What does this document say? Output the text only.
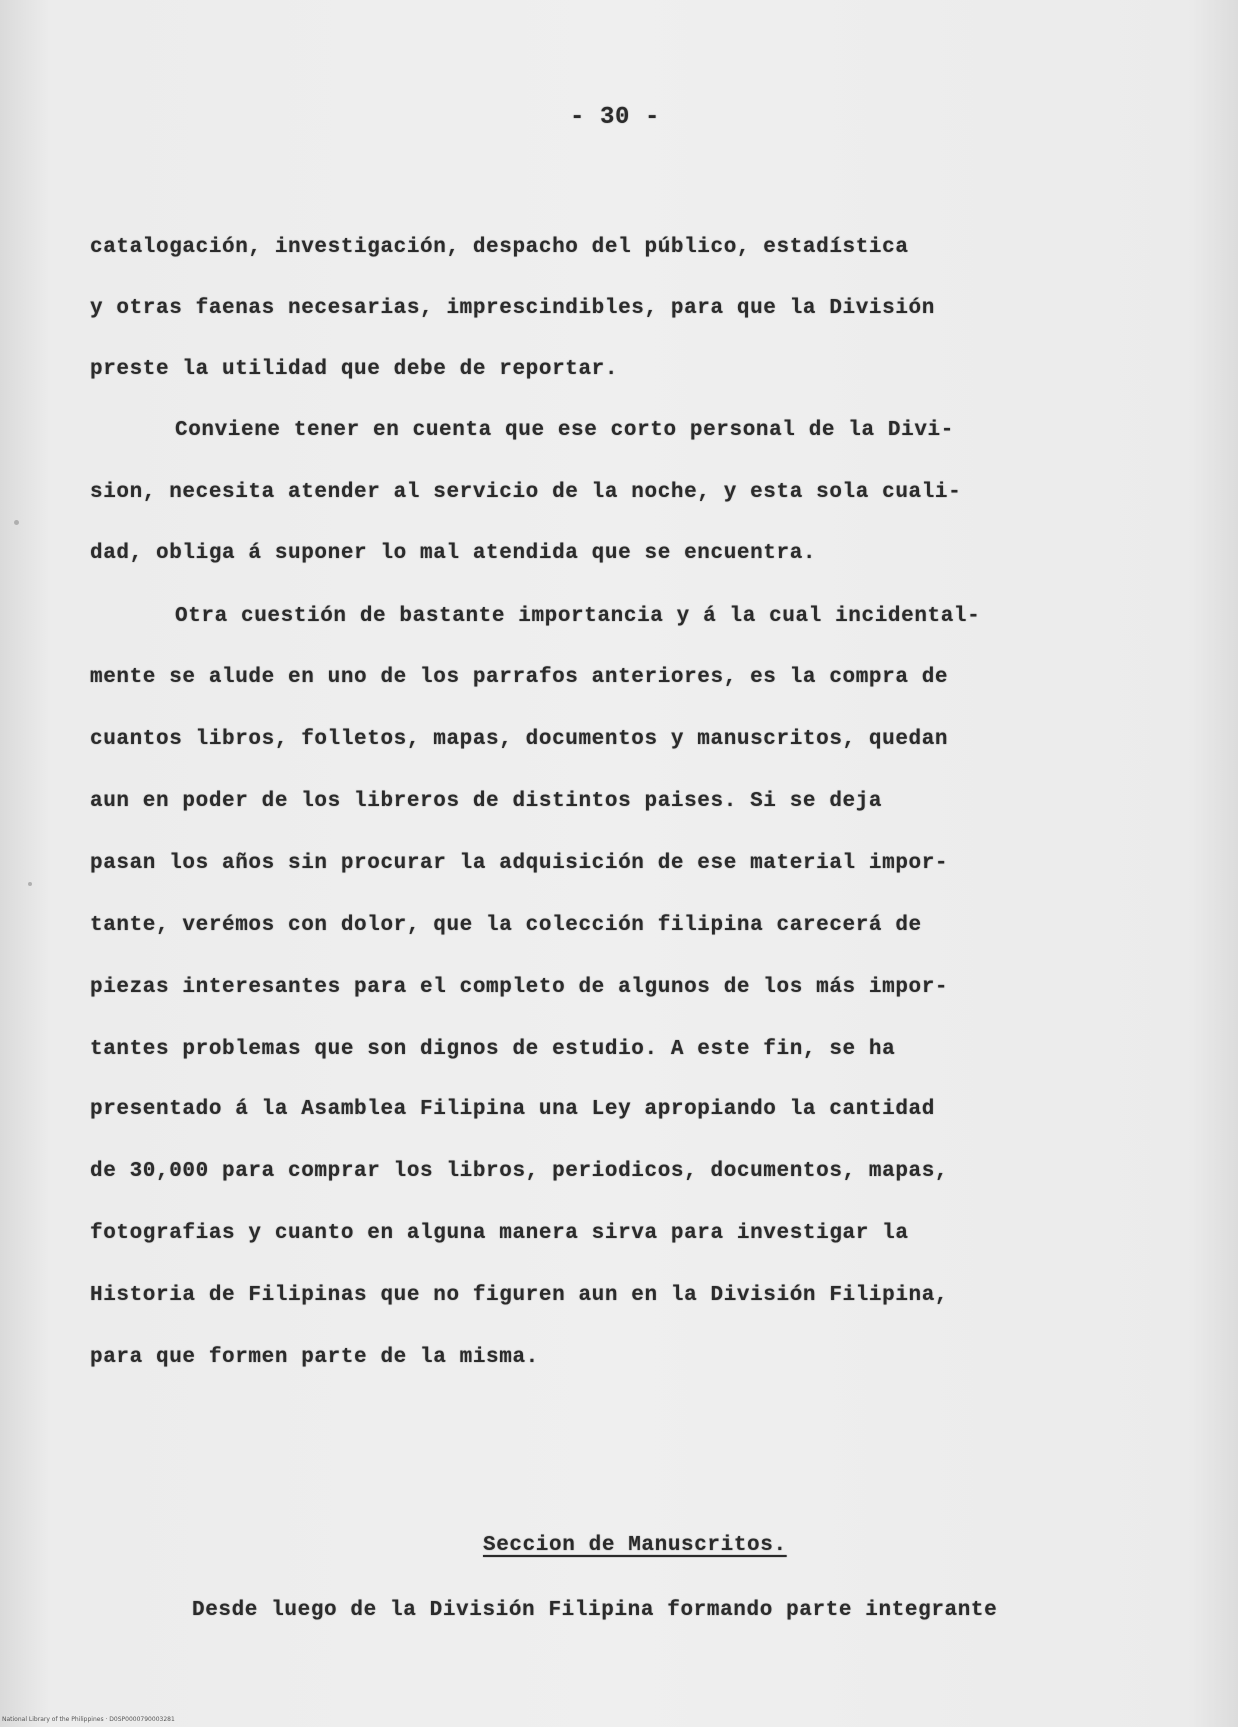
- 30 -
catalogación, investigación, despacho del público, estadística
y otras faenas necesarias, imprescindibles, para que la División
preste la utilidad que debe de reportar.
Conviene tener en cuenta que ese corto personal de la Divi-
sion, necesita atender al servicio de la noche, y esta sola cuali-
dad, obliga á suponer lo mal atendida que se encuentra.
Otra cuestión de bastante importancia y á la cual incidental-
mente se alude en uno de los parrafos anteriores, es la compra de
cuantos libros, folletos, mapas, documentos y manuscritos, quedan
aun en poder de los libreros de distintos paises. Si se deja
pasan los años sin procurar la adquisición de ese material impor-
tante, verémos con dolor, que la colección filipina carecerá de
piezas interesantes para el completo de algunos de los más impor-
tantes problemas que son dignos de estudio. A este fin, se ha
presentado á la Asamblea Filipina una Ley apropiando la cantidad
de 30,000 para comprar los libros, periodicos, documentos, mapas,
fotografias y cuanto en alguna manera sirva para investigar la
Historia de Filipinas que no figuren aun en la División Filipina,
para que formen parte de la misma.
Seccion de Manuscritos.
Desde luego de la División Filipina formando parte integrante
National Library of the Philippines · D0SP0000790003281
